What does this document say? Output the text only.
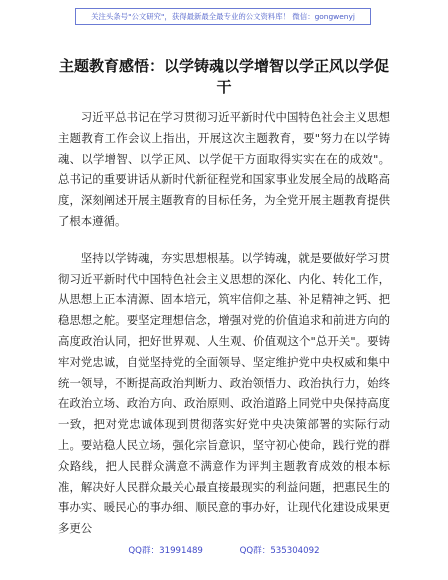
关注头条号"公文研究"，获得最新最全最专业的公文资料库！ 微信：gongwenyj
主题教育感悟：以学铸魂以学增智以学正风以学促干

习近平总书记在学习贯彻习近平新时代中国特色社会主义思想主题教育工作会议上指出，开展这次主题教育，要"努力在以学铸魂、以学增智、以学正风、以学促干方面取得实实在在的成效"。总书记的重要讲话从新时代新征程党和国家事业发展全局的战略高度，深刻阐述开展主题教育的目标任务，为全党开展主题教育提供了根本遵循。

坚持以学铸魂，夯实思想根基。以学铸魂，就是要做好学习贯彻习近平新时代中国特色社会主义思想的深化、内化、转化工作，从思想上正本清源、固本培元，筑牢信仰之基、补足精神之钙、把稳思想之舵。要坚定理想信念，增强对党的价值追求和前进方向的高度政治认同，把好世界观、人生观、价值观这个"总开关"。要铸牢对党忠诚，自觉坚持党的全面领导、坚定维护党中央权威和集中统一领导，不断提高政治判断力、政治领悟力、政治执行力，始终在政治立场、政治方向、政治原则、政治道路上同党中央保持高度一致，把对党忠诚体现到贯彻落实好党中央决策部署的实际行动上。要站稳人民立场，强化宗旨意识，坚守初心使命，践行党的群众路线，把人民群众满意不满意作为评判主题教育成效的根本标准，解决好人民群众最关心最直接最现实的利益问题，把惠民生的事办实、暖民心的事办细、顺民意的事办好，让现代化建设成果更多更公

QQ群：31991489	QQ群：535304092
